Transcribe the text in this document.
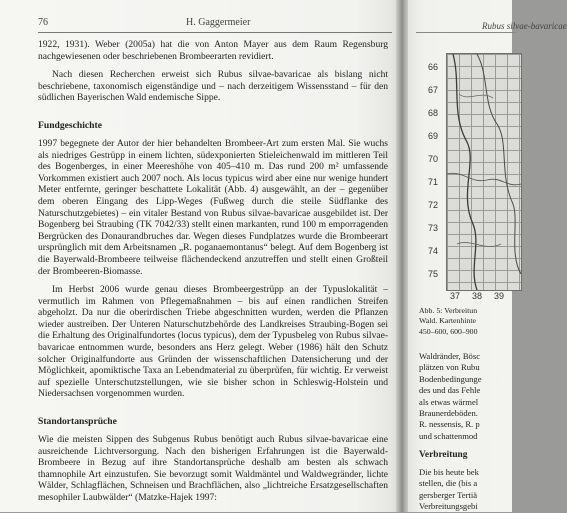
76	H. Gaggermeier

1922, 1931). Weber (2005a) hat die von Anton Mayer aus dem Raum Regensburg nachgewiesenen oder beschriebenen Brombeerarten revidiert.

Nach diesen Recherchen erweist sich Rubus silvae-bavaricae als bislang nicht beschriebene, taxonomisch eigenständige und – nach derzeitigem Wissensstand – für den südlichen Bayerischen Wald endemische Sippe.

Fundgeschichte

1997 begegnete der Autor der hier behandelten Brombeer-Art zum ersten Mal. Sie wuchs als niedriges Gestrüpp in einem lichten, südexponierten Stieleichenwald im mittleren Teil des Bogenberges, in einer Meereshöhe von 405–410 m. Das rund 200 m² umfassende Vorkommen existiert auch 2007 noch. Als locus typicus wird aber eine nur wenige hundert Meter entfernte, geringer beschattete Lokalität (Abb. 4) ausgewählt, an der – gegenüber dem oberen Eingang des Lipp-Weges (Fußweg durch die steile Südflanke des Naturschutzgebietes) – ein vitaler Bestand von Rubus silvae-bavaricae ausgebildet ist. Der Bogenberg bei Straubing (TK 7042/33) stellt einen markanten, rund 100 m emporragenden Bergrücken des Donaurandbruches dar. Wegen dieses Fundplatzes wurde die Brombeerart ursprünglich mit dem Arbeitsnamen „R. poganaemontanus“ belegt. Auf dem Bogenberg ist die Bayerwald-Brombeere teilweise flächendeckend anzutreffen und stellt einen Großteil der Brombeeren-Biomasse.

Im Herbst 2006 wurde genau dieses Brombeergestrüpp an der Typuslokalität – vermutlich im Rahmen von Pflegemaßnahmen – bis auf einen randlichen Streifen abgeholzt. Da nur die oberirdischen Triebe abgeschnitten wurden, werden die Pflanzen wieder austreiben. Der Unteren Naturschutzbehörde des Landkreises Straubing-Bogen sei die Erhaltung des Originalfundortes (locus typicus), dem der Typusbeleg von Rubus silvae-bavaricae entnommen wurde, besonders ans Herz gelegt. Weber (1986) hält den Schutz solcher Originalfundorte aus Gründen der wissenschaftlichen Datensicherung und der Möglichkeit, apomiktische Taxa an Lebendmaterial zu überprüfen, für wichtig. Er verweist auf spezielle Unterschutzstellungen, wie sie bisher schon in Schleswig-Holstein und Niedersachsen vorgenommen wurden.

Standortansprüche

Wie die meisten Sippen des Subgenus Rubus benötigt auch Rubus silvae-bavaricae eine ausreichende Lichtversorgung. Nach den bisherigen Erfahrungen ist die Bayerwald-Brombeere in Bezug auf ihre Standortansprüche deshalb am besten als schwach thamnophile Art einzustufen. Sie bevorzugt somit Waldmäntel und Waldwegränder, lichte Wälder, Schlagflächen, Schneisen und Brachflächen, also „lichtreiche Ersatzgesellschaften mesophiler Laubwälder“ (Matzke-Hajek 1997:

Rubus silvae-bavaricae
66
67
68
69
70
71
72
73
74
75
37 38 39
Abb. 5: Verbreitun
Wald. Kartenhinte
450–600, 600–900
Waldränder, Bösc
plätzen von Rubu
Bodenbedingunge
des und das Fehle
als etwas wärmel
Braunerdeböden.
R. nessensis, R. p
und schattenmod
Verbreitung
Die bis heute bek
stellen, die (bis a
gersberger Tertiä
Verbreitungsgebi
